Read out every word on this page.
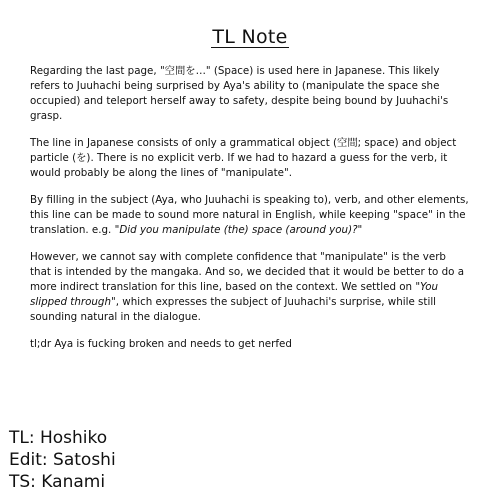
TL Note

Regarding the last page, "空間を…" (Space) is used here in Japanese. This likely refers to Juuhachi being surprised by Aya's ability to (manipulate the space she occupied) and teleport herself away to safety, despite being bound by Juuhachi's grasp.

The line in Japanese consists of only a grammatical object (空間; space) and object particle (を). There is no explicit verb. If we had to hazard a guess for the verb, it would probably be along the lines of "manipulate".

By filling in the subject (Aya, who Juuhachi is speaking to), verb, and other elements, this line can be made to sound more natural in English, while keeping "space" in the translation. e.g. "Did you manipulate (the) space (around you)?"

However, we cannot say with complete confidence that "manipulate" is the verb that is intended by the mangaka. And so, we decided that it would be better to do a more indirect translation for this line, based on the context. We settled on "You slipped through", which expresses the subject of Juuhachi's surprise, while still sounding natural in the dialogue.

tl;dr Aya is fucking broken and needs to get nerfed

TL: Hoshiko
Edit: Satoshi
TS: Kanami
